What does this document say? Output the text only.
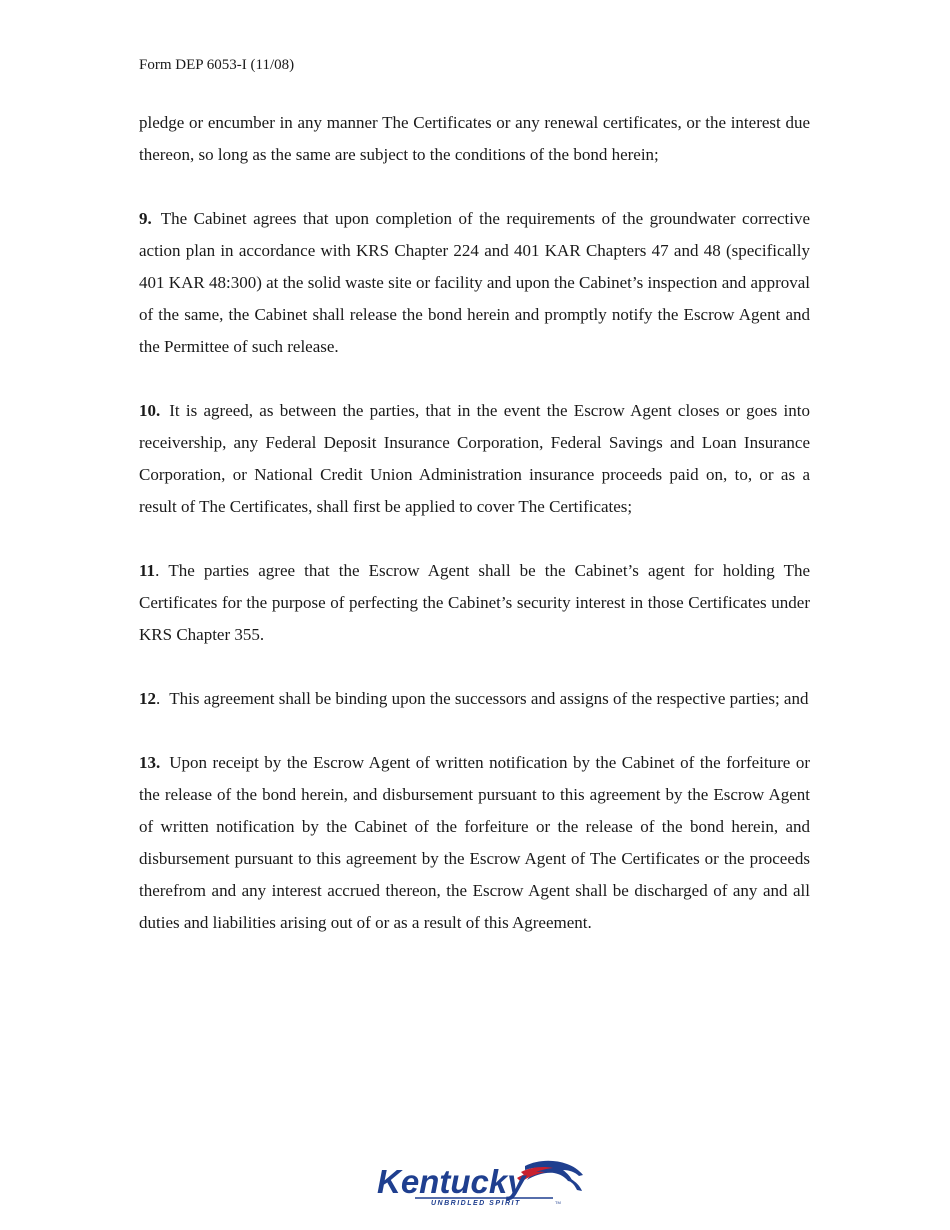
Form DEP 6053-I (11/08)

pledge or encumber in any manner The Certificates or any renewal certificates, or the interest due thereon, so long as the same are subject to the conditions of the bond herein;

9. The Cabinet agrees that upon completion of the requirements of the groundwater corrective action plan in accordance with KRS Chapter 224 and 401 KAR Chapters 47 and 48 (specifically 401 KAR 48:300) at the solid waste site or facility and upon the Cabinet’s inspection and approval of the same, the Cabinet shall release the bond herein and promptly notify the Escrow Agent and the Permittee of such release.

10. It is agreed, as between the parties, that in the event the Escrow Agent closes or goes into receivership, any Federal Deposit Insurance Corporation, Federal Savings and Loan Insurance Corporation, or National Credit Union Administration insurance proceeds paid on, to, or as a result of The Certificates, shall first be applied to cover The Certificates;

11. The parties agree that the Escrow Agent shall be the Cabinet’s agent for holding The Certificates for the purpose of perfecting the Cabinet’s security interest in those Certificates under KRS Chapter 355.

12. This agreement shall be binding upon the successors and assigns of the respective parties; and

13. Upon receipt by the Escrow Agent of written notification by the Cabinet of the forfeiture or the release of the bond herein, and disbursement pursuant to this agreement by the Escrow Agent of written notification by the Cabinet of the forfeiture or the release of the bond herein, and disbursement pursuant to this agreement by the Escrow Agent of The Certificates or the proceeds therefrom and any interest accrued thereon, the Escrow Agent shall be discharged of any and all duties and liabilities arising out of or as a result of this Agreement.

Kentucky
UNBRIDLED SPIRIT	TM
